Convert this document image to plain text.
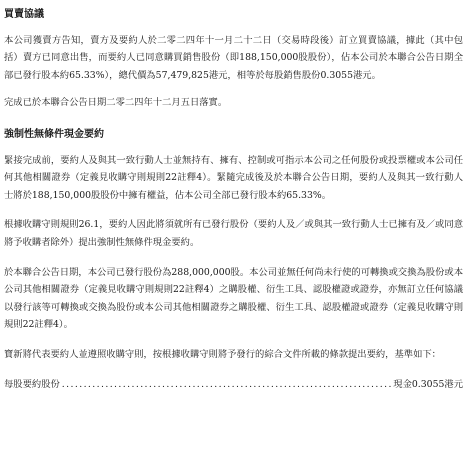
買賣協議

本公司獲賣方告知，賣方及要約人於二零二四年十一月二十二日（交易時段後）訂立買賣協議，據此（其中包括）賣方已同意出售，而要約人已同意購買銷售股份（即188,150,000股股份），佔本公司於本聯合公告日期全部已發行股本約65.33%），總代價為57,479,825港元，相等於每股銷售股份0.3055港元。

完成已於本聯合公告日期二零二四年十二月五日落實。

強制性無條件現金要約

緊接完成前，要約人及與其一致行動人士並無持有、擁有、控制或可指示本公司之任何股份或投票權或本公司任何其他相關證券（定義見收購守則規則22註釋4）。緊隨完成後及於本聯合公告日期，要約人及與其一致行動人士將於188,150,000股股份中擁有權益，佔本公司全部已發行股本約65.33%。

根據收購守則規則26.1，要約人因此將須就所有已發行股份（要約人及／或與其一致行動人士已擁有及／或同意將予收購者除外）提出強制性無條件現金要約。

於本聯合公告日期，本公司已發行股份為288,000,000股。本公司並無任何尚未行使的可轉換或交換為股份或本公司其他相關證券（定義見收購守則規則22註釋4）之購股權、衍生工具、認股權證或證券，亦無訂立任何協議以發行該等可轉換或交換為股份或本公司其他相關證券之購股權、衍生工具、認股權證或證券（定義見收購守則規則22註釋4）。

寶新將代表要約人並遵照收購守則，按根據收購守則將予發行的綜合文件所載的條款提出要約，基準如下：

每股要約股份
.....	現金0.3055港元
